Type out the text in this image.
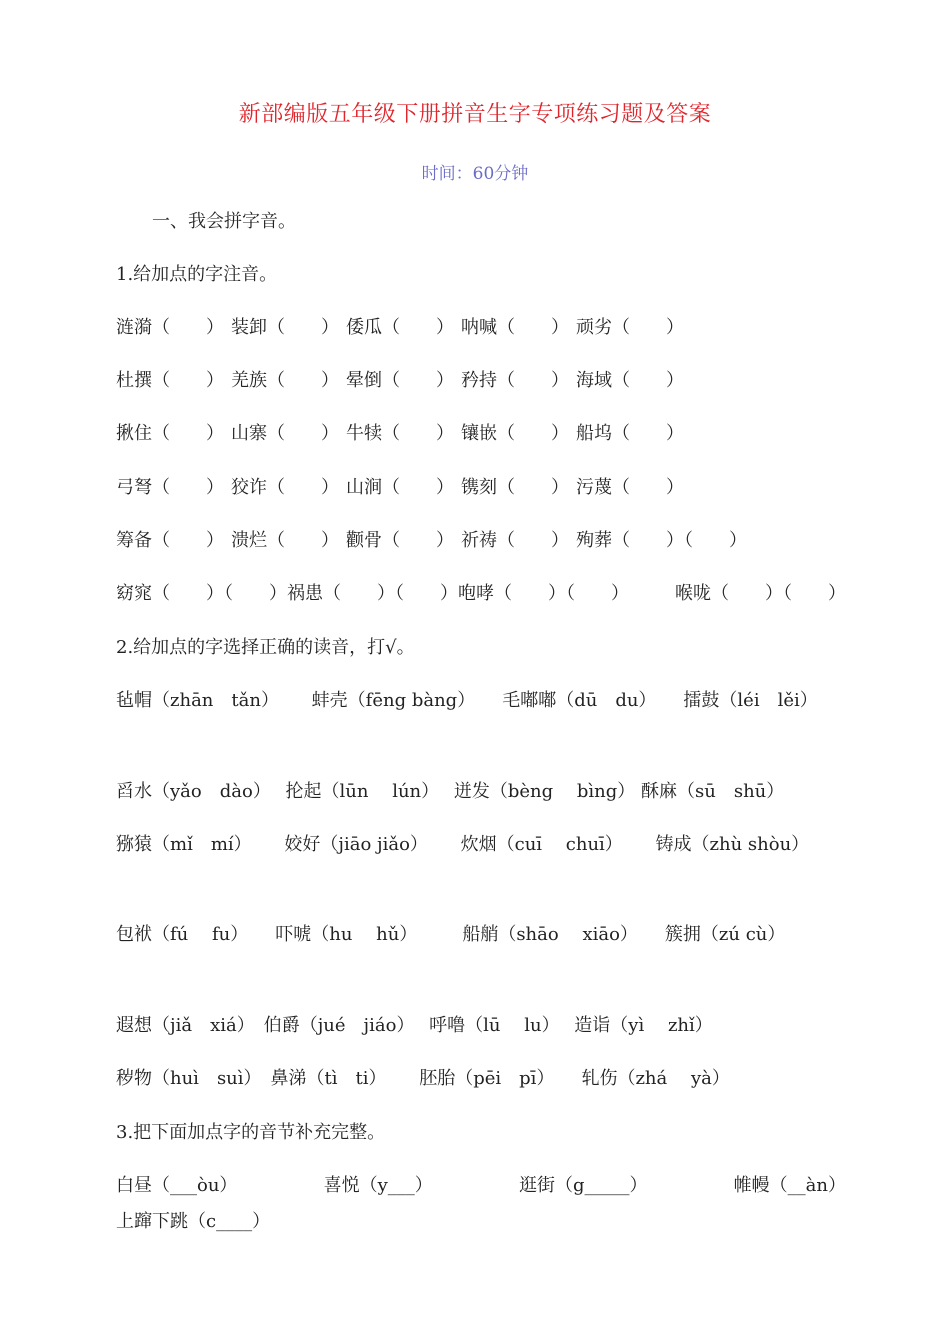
新部编版五年级下册拼音生字专项练习题及答案
时间：60分钟
一、我会拼字音。
1.给加点的字注音。
涟漪（　　） 装卸（　　） 倭瓜（　　） 呐喊（　　） 顽劣（　　）
杜撰（　　） 羌族（　　） 晕倒（　　） 矜持（　　） 海域（　　）
揪住（　　） 山寨（　　） 牛犊（　　） 镶嵌（　　） 船坞（　　）
弓弩（　　） 狡诈（　　） 山涧（　　） 镌刻（　　） 污蔑（　　）
筹备（　　） 溃烂（　　） 颧骨（　　） 祈祷（　　） 殉葬（　　）（　　）
窈窕（　　）（　　） 祸患（　　）（　　） 咆哮（　　）（　　）	喉咙（　　）（　　）
2.给加点的字选择正确的读音，打√。
毡帽（zhān　tǎn）　　 蚌壳（fēng bàng）　　毛嘟嘟（dū　du）　　擂鼓（léi　lěi）
舀水（yǎo　dào）　 抡起（lūn　 lún）　 迸发（bèng　 bìng） 酥麻（sū　shū）
猕猿（mǐ　mí）　　 姣好（jiāo jiǎo）　　 炊烟（cuī　 chuī）　　 铸成（zhù shòu）
包袱（fú　 fu）　　吓唬（hu　 hǔ）　　　船艄（shāo　 xiāo）　　簇拥（zú cù）
遐想（jiǎ　xiá）　伯爵（jué　jiáo）　 呼噜（lū　 lu）　 造诣（yì　 zhǐ）
秽物（huì　suì）　鼻涕（tì　ti）　　 胚胎（pēi　pī）　　轧伤（zhá　 yà）
3.把下面加点字的音节补充完整。
白昼（___òu）	喜悦（y___）	逛街（g_____）	帷幔（__àn）
上蹿下跳（c____）
